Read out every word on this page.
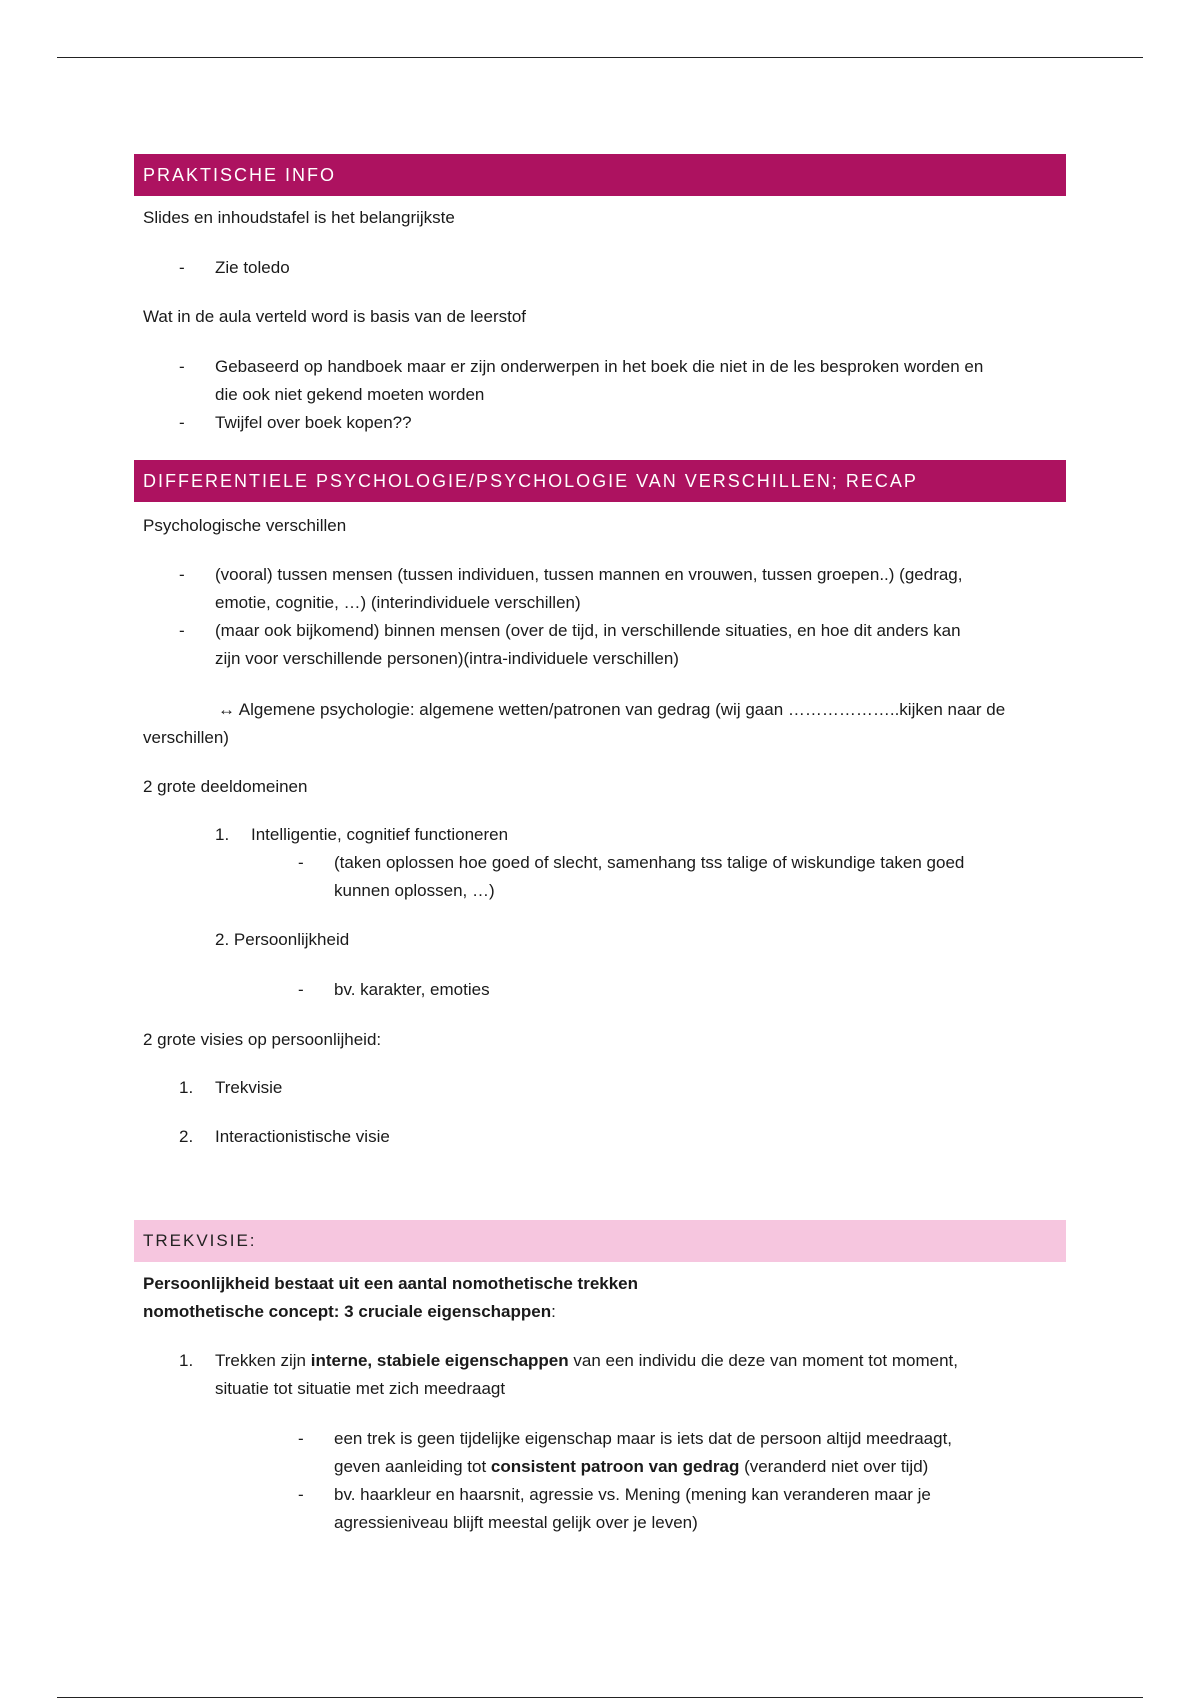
PRAKTISCHE INFO
Slides en inhoudstafel is het belangrijkste
- Zie toledo
Wat in de aula verteld word is basis van de leerstof
- Gebaseerd op handboek maar er zijn onderwerpen in het boek die niet in de les besproken worden en
die ook niet gekend moeten worden
- Twijfel over boek kopen??
DIFFERENTIELE PSYCHOLOGIE/PSYCHOLOGIE VAN VERSCHILLEN; RECAP
Psychologische verschillen
- (vooral) tussen mensen (tussen individuen, tussen mannen en vrouwen, tussen groepen..) (gedrag,
emotie, cognitie, …) (interindividuele verschillen)
- (maar ook bijkomend) binnen mensen (over de tijd, in verschillende situaties, en hoe dit anders kan
zijn voor verschillende personen)(intra-individuele verschillen)
↔ Algemene psychologie: algemene wetten/patronen van gedrag (wij gaan ………………..kijken naar de
verschillen)
2 grote deeldomeinen
1. Intelligentie, cognitief functioneren
- (taken oplossen hoe goed of slecht, samenhang tss talige of wiskundige taken goed
kunnen oplossen, …)
2. Persoonlijkheid
- bv. karakter, emoties
2 grote visies op persoonlijheid:
1. Trekvisie
2. Interactionistische visie
TREKVISIE:
Persoonlijkheid bestaat uit een aantal nomothetische trekken
nomothetische concept: 3 cruciale eigenschappen:
1. Trekken zijn interne, stabiele eigenschappen van een individu die deze van moment tot moment,
situatie tot situatie met zich meedraagt
- een trek is geen tijdelijke eigenschap maar is iets dat de persoon altijd meedraagt,
geven aanleiding tot consistent patroon van gedrag (veranderd niet over tijd)
- bv. haarkleur en haarsnit, agressie vs. Mening (mening kan veranderen maar je
agressieniveau blijft meestal gelijk over je leven)
